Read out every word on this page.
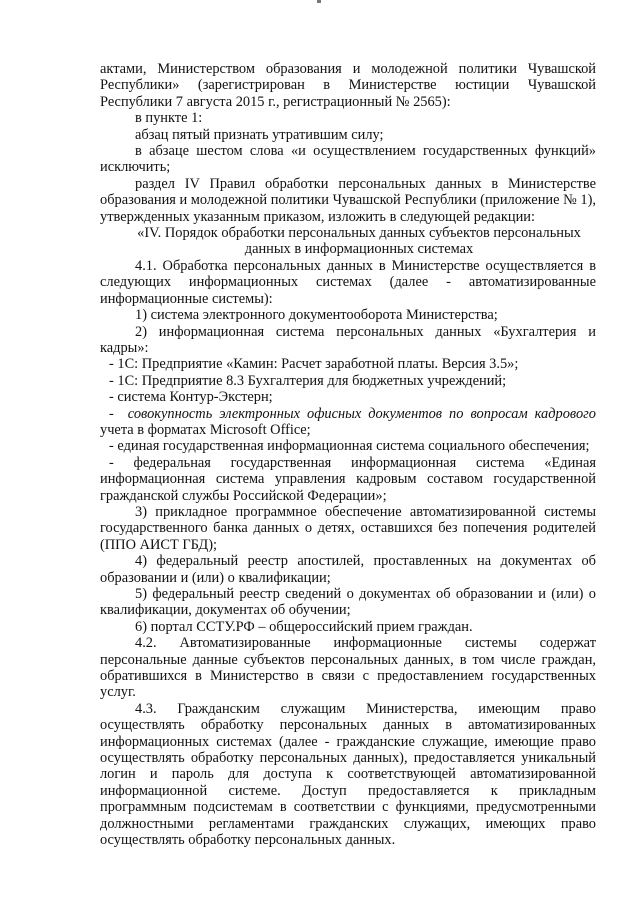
актами, Министерством образования и молодежной политики Чувашской Республики» (зарегистрирован в Министерстве юстиции Чувашской Республики 7 августа 2015 г., регистрационный № 2565):

в пункте 1:

абзац пятый признать утратившим силу;

в абзаце шестом слова «и осуществлением государственных функций» исключить;

раздел IV Правил обработки персональных данных в Министерстве образования и молодежной политики Чувашской Республики (приложение № 1), утвержденных указанным приказом, изложить в следующей редакции:

«IV. Порядок обработки персональных данных субъектов персональных данных в информационных системах

4.1. Обработка персональных данных в Министерстве осуществляется в следующих информационных системах (далее - автоматизированные информационные системы):

1) система электронного документооборота Министерства;

2) информационная система персональных данных «Бухгалтерия и кадры»:

- 1С: Предприятие «Камин: Расчет заработной платы. Версия 3.5»;

- 1С: Предприятие 8.3 Бухгалтерия для бюджетных учреждений;

- система Контур-Экстерн;

-  совокупность электронных офисных документов по вопросам кадрового учета в форматах Microsoft Office;

- единая государственная информационная система социального обеспечения;

- федеральная государственная информационная система «Единая информационная система управления кадровым составом государственной гражданской службы Российской Федерации»;

3) прикладное программное обеспечение автоматизированной системы государственного банка данных о детях, оставшихся без попечения родителей (ППО АИСТ ГБД);

4) федеральный реестр апостилей, проставленных на документах об образовании и (или) о квалификации;

5) федеральный реестр сведений о документах об образовании и (или) о квалификации, документах об обучении;

6) портал ССТУ.РФ – общероссийский прием граждан.

4.2. Автоматизированные информационные системы содержат персональные данные субъектов персональных данных, в том числе граждан, обратившихся в Министерство в связи с предоставлением государственных услуг.

4.3. Гражданским служащим Министерства, имеющим право осуществлять обработку персональных данных в автоматизированных информационных системах (далее - гражданские служащие, имеющие право осуществлять обработку персональных данных), предоставляется уникальный логин и пароль для доступа к соответствующей автоматизированной информационной системе. Доступ предоставляется к прикладным программным подсистемам в соответствии с функциями, предусмотренными должностными регламентами гражданских служащих, имеющих право осуществлять обработку персональных данных.
